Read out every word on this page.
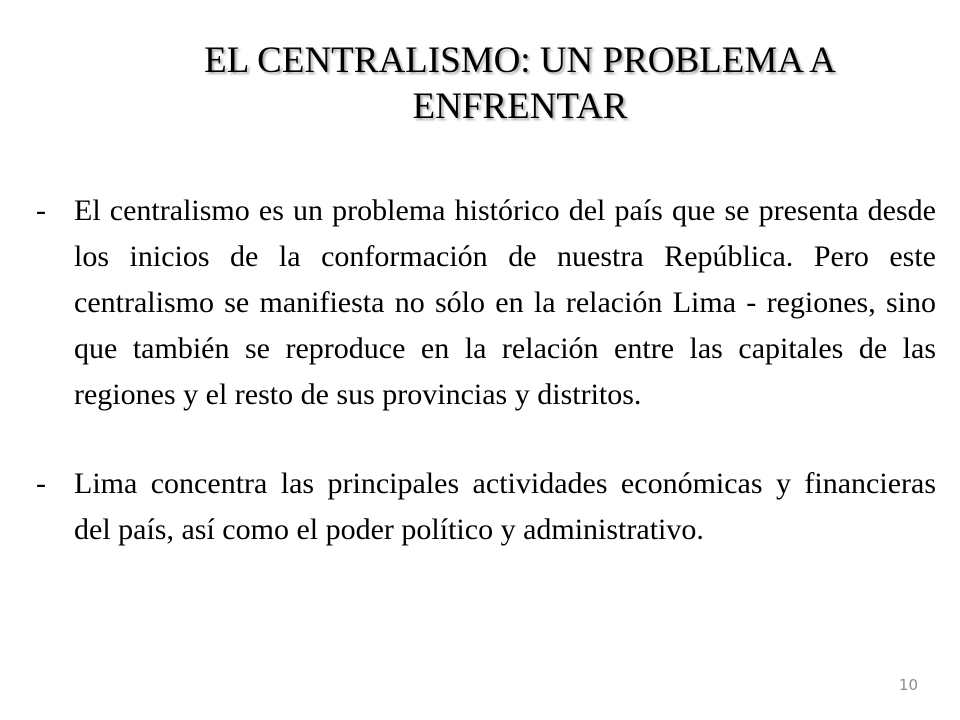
EL CENTRALISMO: UN PROBLEMA A ENFRENTAR
- El centralismo es un problema histórico del país que se presenta desde los inicios de la conformación de nuestra República. Pero este centralismo se manifiesta no sólo en la relación Lima - regiones, sino que también se reproduce en la relación entre las capitales de las regiones y el resto de sus provincias y distritos.
- Lima concentra las principales actividades económicas y financieras del país, así como el poder político y administrativo.
10
